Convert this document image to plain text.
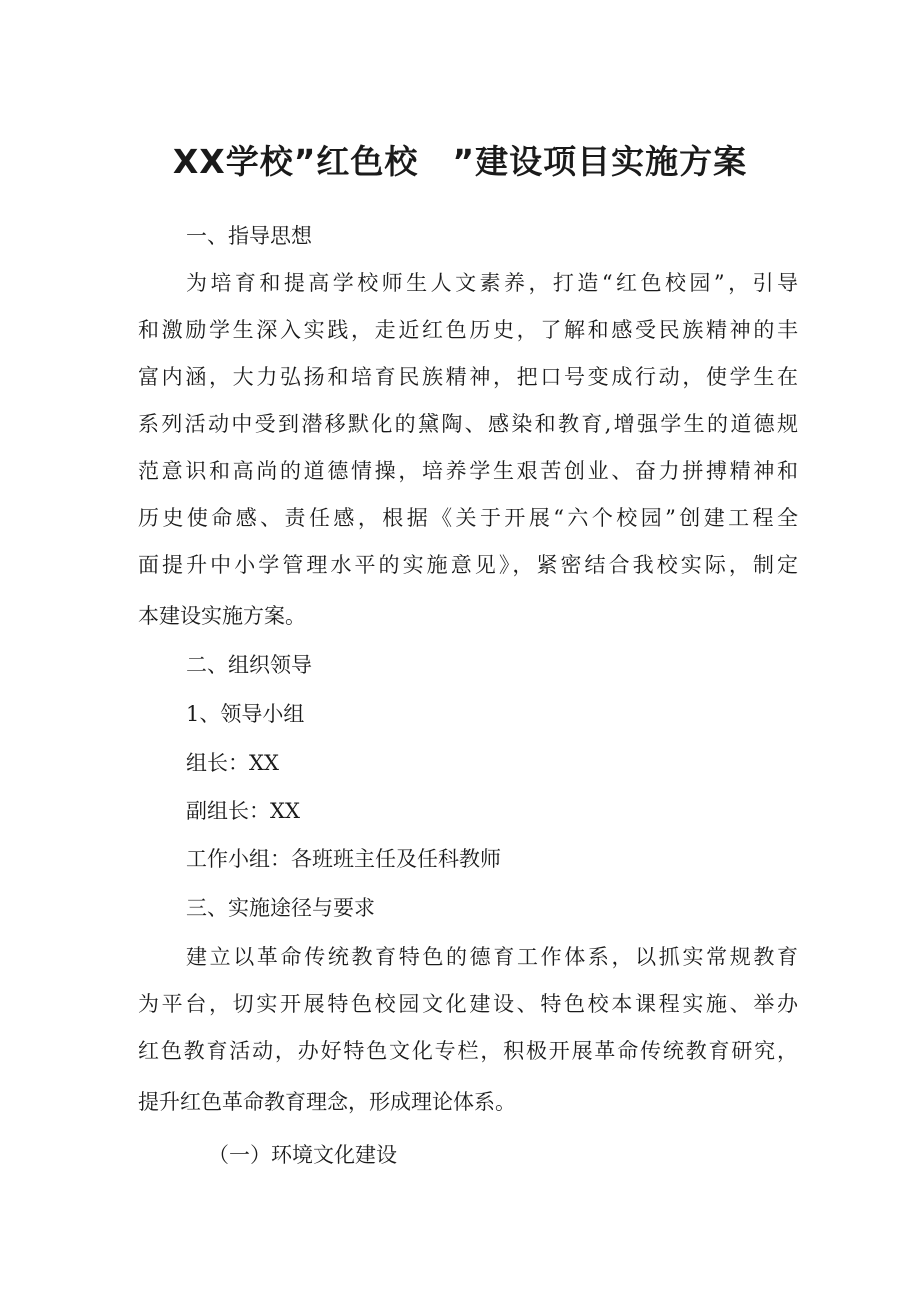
XX学校”红色校　”建设项目实施方案
一、指导思想
为培育和提高学校师生人文素养，打造“红色校园”，引导
和激励学生深入实践，走近红色历史，了解和感受民族精神的丰
富内涵，大力弘扬和培育民族精神，把口号变成行动，使学生在
系列活动中受到潜移默化的黛陶、感染和教育,增强学生的道德规
范意识和高尚的道德情操，培养学生艰苦创业、奋力拼搏精神和
历史使命感、责任感，根据《关于开展“六个校园”创建工程全
面提升中小学管理水平的实施意见》，紧密结合我校实际，制定
本建设实施方案。
二、组织领导
1、领导小组
组长：XX
副组长：XX
工作小组：各班班主任及任科教师
三、实施途径与要求
建立以革命传统教育特色的德育工作体系，以抓实常规教育
为平台，切实开展特色校园文化建设、特色校本课程实施、举办
红色教育活动，办好特色文化专栏，积极开展革命传统教育研究，
提升红色革命教育理念，形成理论体系。
（一）环境文化建设
